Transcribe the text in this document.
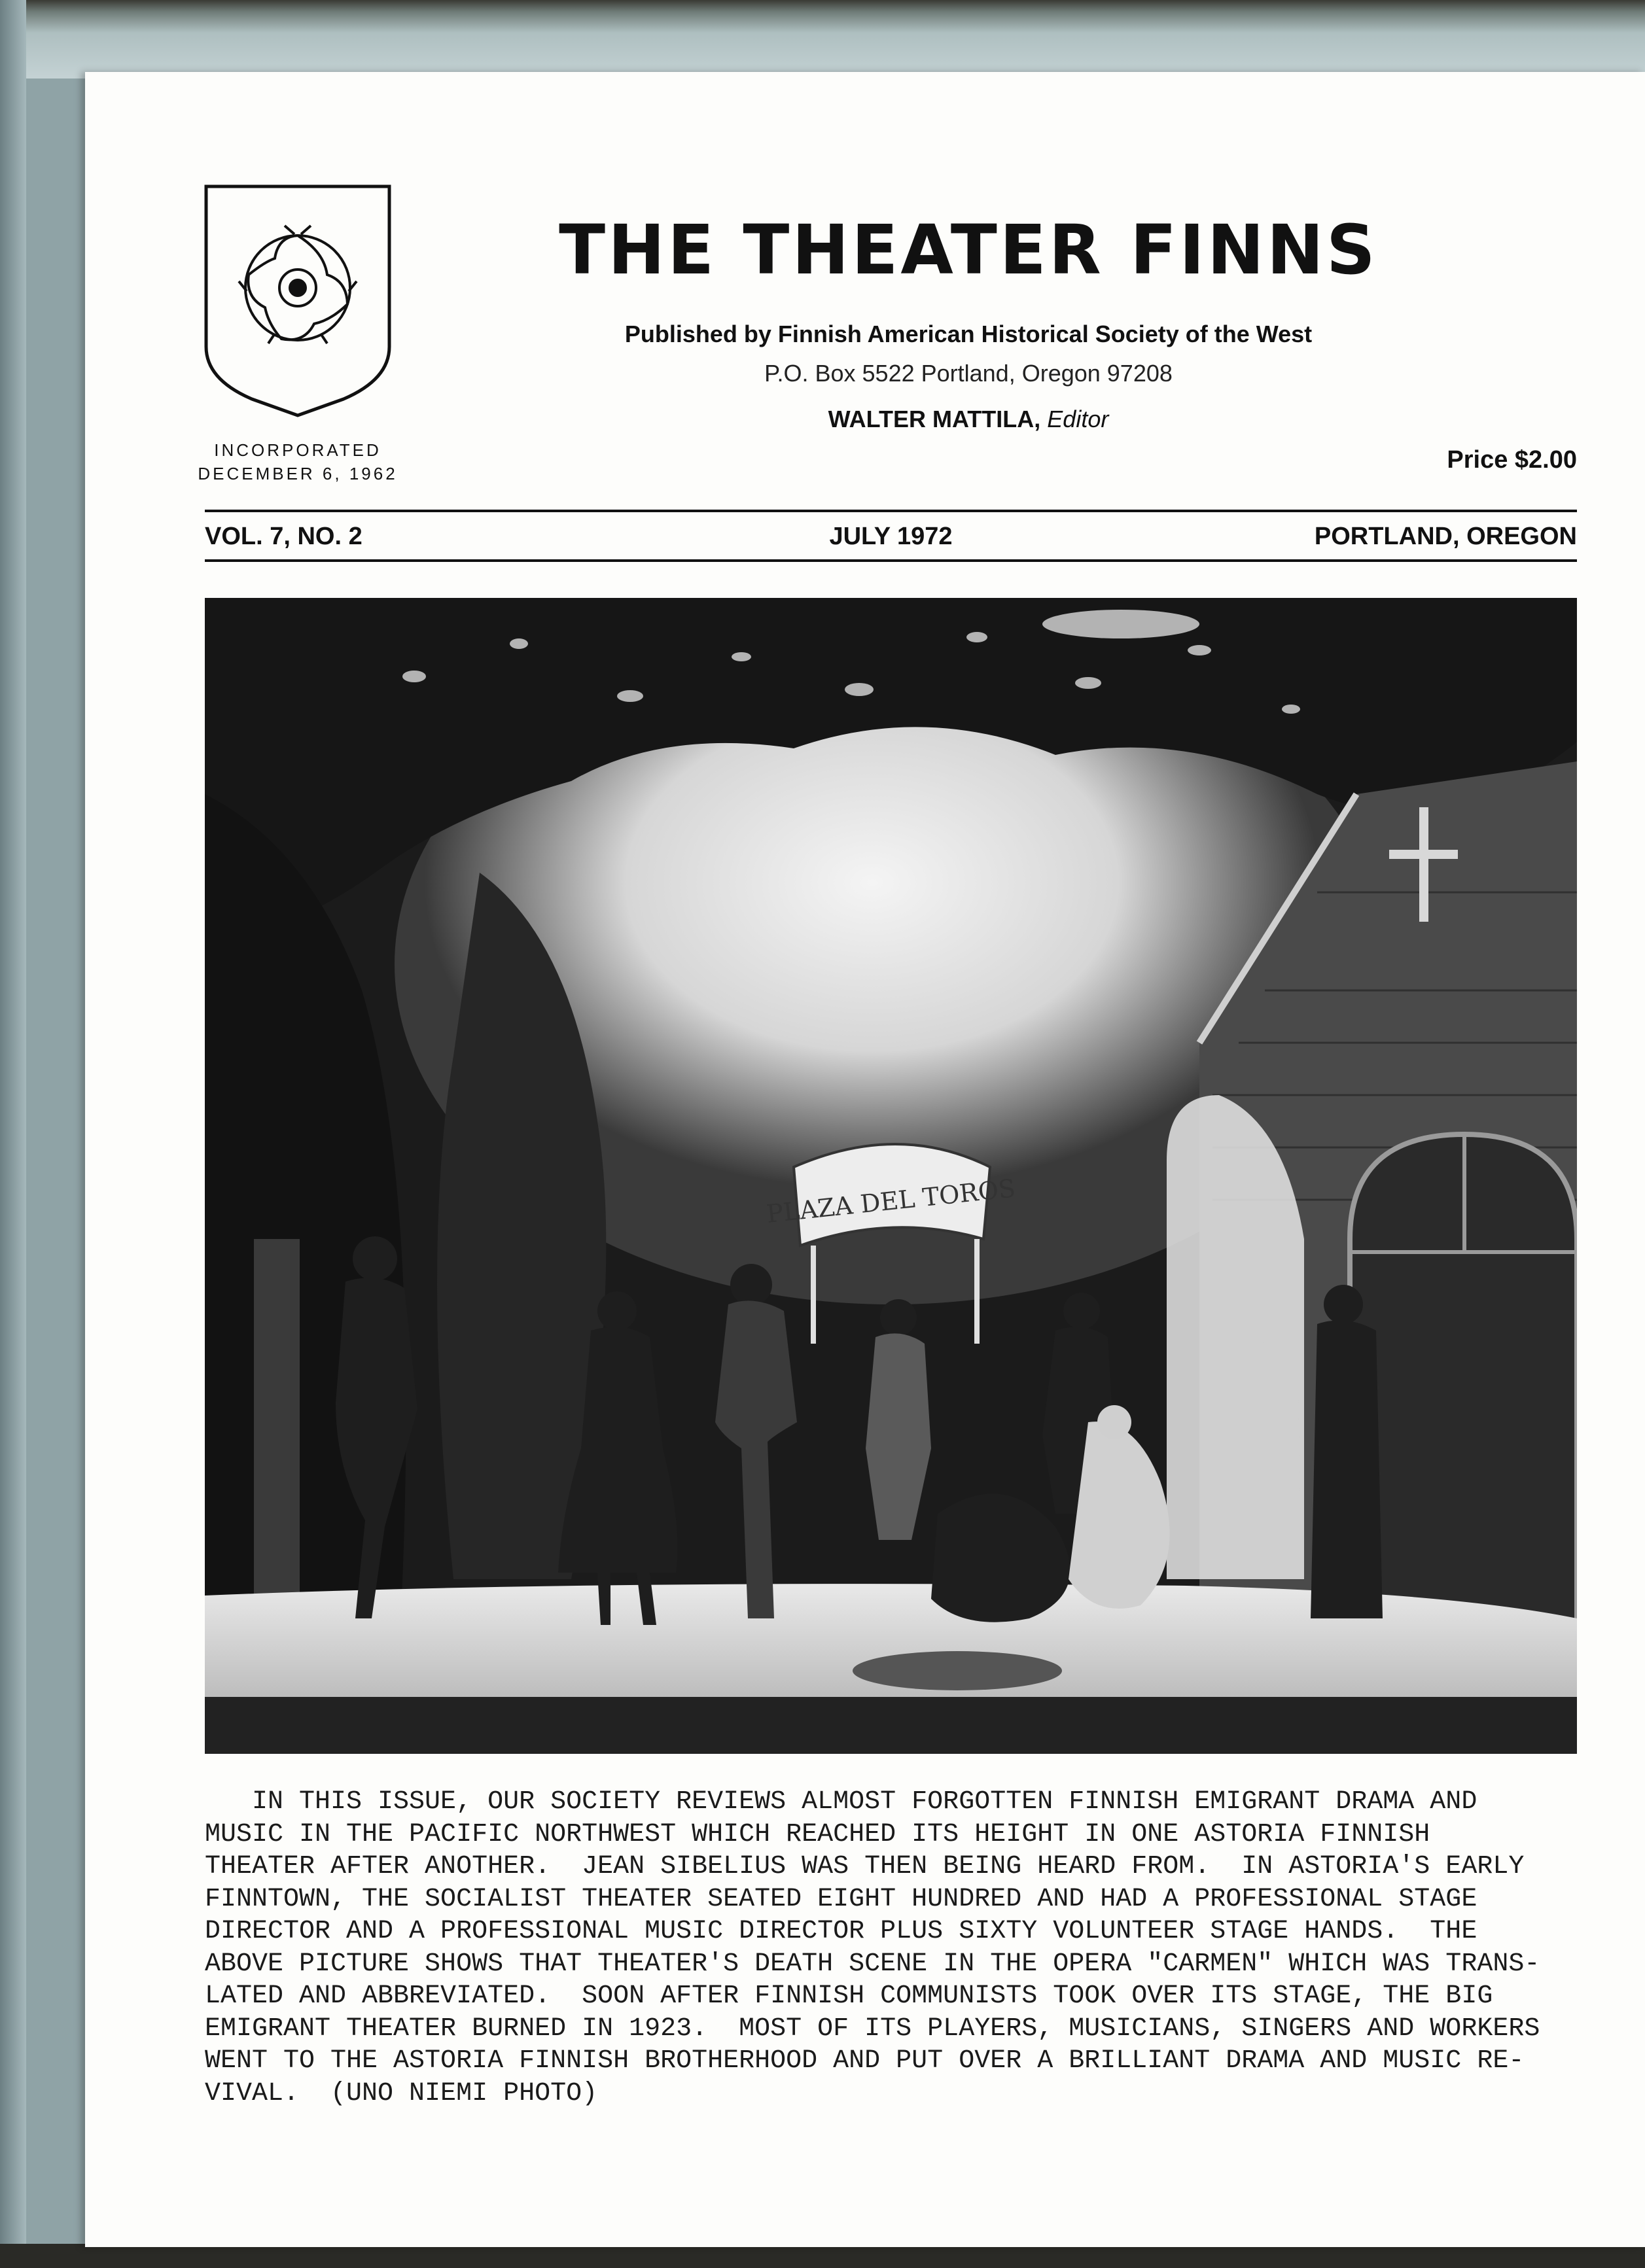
INCORPORATED
DECEMBER 6, 1962
THE THEATER FINNS
Published by Finnish American Historical Society of the West
P.O. Box 5522 Portland, Oregon 97208
WALTER MATTILA, Editor
Price $2.00
VOL. 7, NO. 2	JULY 1972	PORTLAND, OREGON
PLAZA DEL TOROS
IN THIS ISSUE, OUR SOCIETY REVIEWS ALMOST FORGOTTEN FINNISH EMIGRANT DRAMA AND
MUSIC IN THE PACIFIC NORTHWEST WHICH REACHED ITS HEIGHT IN ONE ASTORIA FINNISH
THEATER AFTER ANOTHER.  JEAN SIBELIUS WAS THEN BEING HEARD FROM.  IN ASTORIA'S EARLY
FINNTOWN, THE SOCIALIST THEATER SEATED EIGHT HUNDRED AND HAD A PROFESSIONAL STAGE
DIRECTOR AND A PROFESSIONAL MUSIC DIRECTOR PLUS SIXTY VOLUNTEER STAGE HANDS.  THE
ABOVE PICTURE SHOWS THAT THEATER'S DEATH SCENE IN THE OPERA "CARMEN" WHICH WAS TRANS-
LATED AND ABBREVIATED.  SOON AFTER FINNISH COMMUNISTS TOOK OVER ITS STAGE, THE BIG
EMIGRANT THEATER BURNED IN 1923.  MOST OF ITS PLAYERS, MUSICIANS, SINGERS AND WORKERS
WENT TO THE ASTORIA FINNISH BROTHERHOOD AND PUT OVER A BRILLIANT DRAMA AND MUSIC RE-
VIVAL.  (UNO NIEMI PHOTO)
